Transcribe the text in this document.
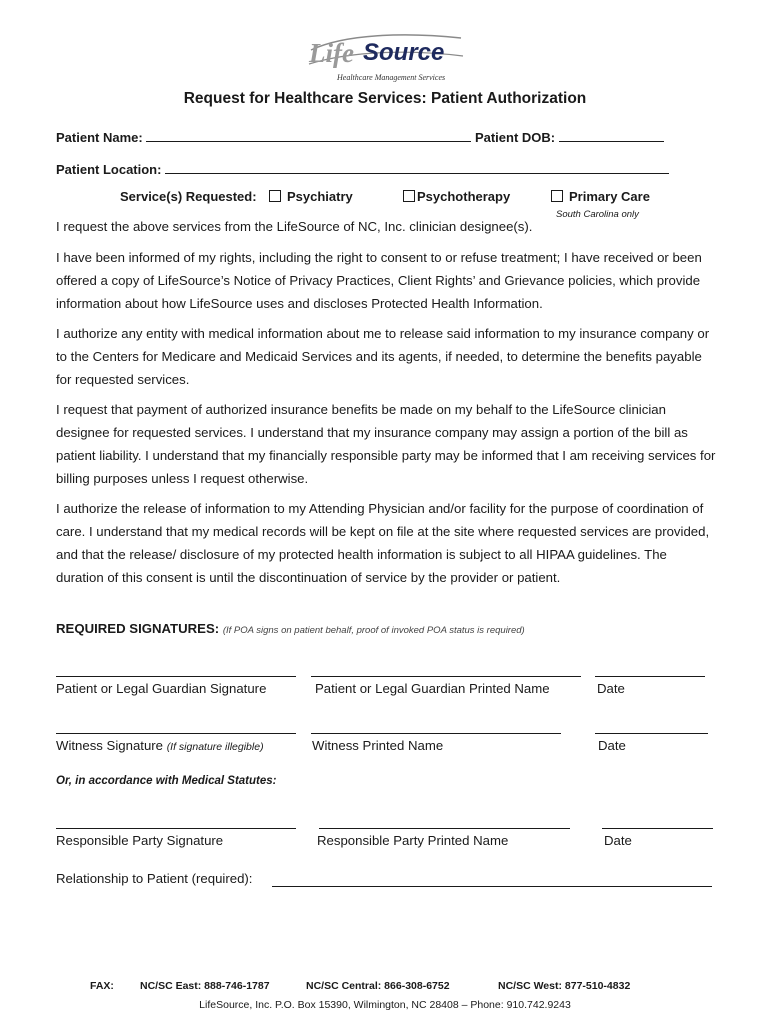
Life Source
Healthcare Management Services
Request for Healthcare Services: Patient Authorization
Patient Name:	Patient DOB:
Patient Location:
Service(s) Requested:	Psychiatry	Psychotherapy	Primary Care
South Carolina only
I request the above services from the LifeSource of NC, Inc. clinician designee(s).
I have been informed of my rights, including the right to consent to or refuse treatment; I have received or been offered a copy of LifeSource’s Notice of Privacy Practices, Client Rights’ and Grievance policies, which provide information about how LifeSource uses and discloses Protected Health Information.
I authorize any entity with medical information about me to release said information to my insurance company or to the Centers for Medicare and Medicaid Services and its agents, if needed, to determine the benefits payable for requested services.
I request that payment of authorized insurance benefits be made on my behalf to the LifeSource clinician designee for requested services. I understand that my insurance company may assign a portion of the bill as patient liability. I understand that my financially responsible party may be informed that I am receiving services for billing purposes unless I request otherwise.
I authorize the release of information to my Attending Physician and/or facility for the purpose of coordination of care. I understand that my medical records will be kept on file at the site where requested services are provided, and that the release/ disclosure of my protected health information is subject to all HIPAA guidelines. The duration of this consent is until the discontinuation of service by the provider or patient.
REQUIRED SIGNATURES: (If POA signs on patient behalf, proof of invoked POA status is required)
Patient or Legal Guardian Signature	Patient or Legal Guardian Printed Name	Date
Witness Signature (If signature illegible)	Witness Printed Name	Date
Or, in accordance with Medical Statutes:
Responsible Party Signature	Responsible Party Printed Name	Date
Relationship to Patient (required):
FAX: NC/SC East: 888-746-1787	NC/SC Central: 866-308-6752	NC/SC West: 877-510-4832
LifeSource, Inc. P.O. Box 15390, Wilmington, NC 28408 – Phone: 910.742.9243
